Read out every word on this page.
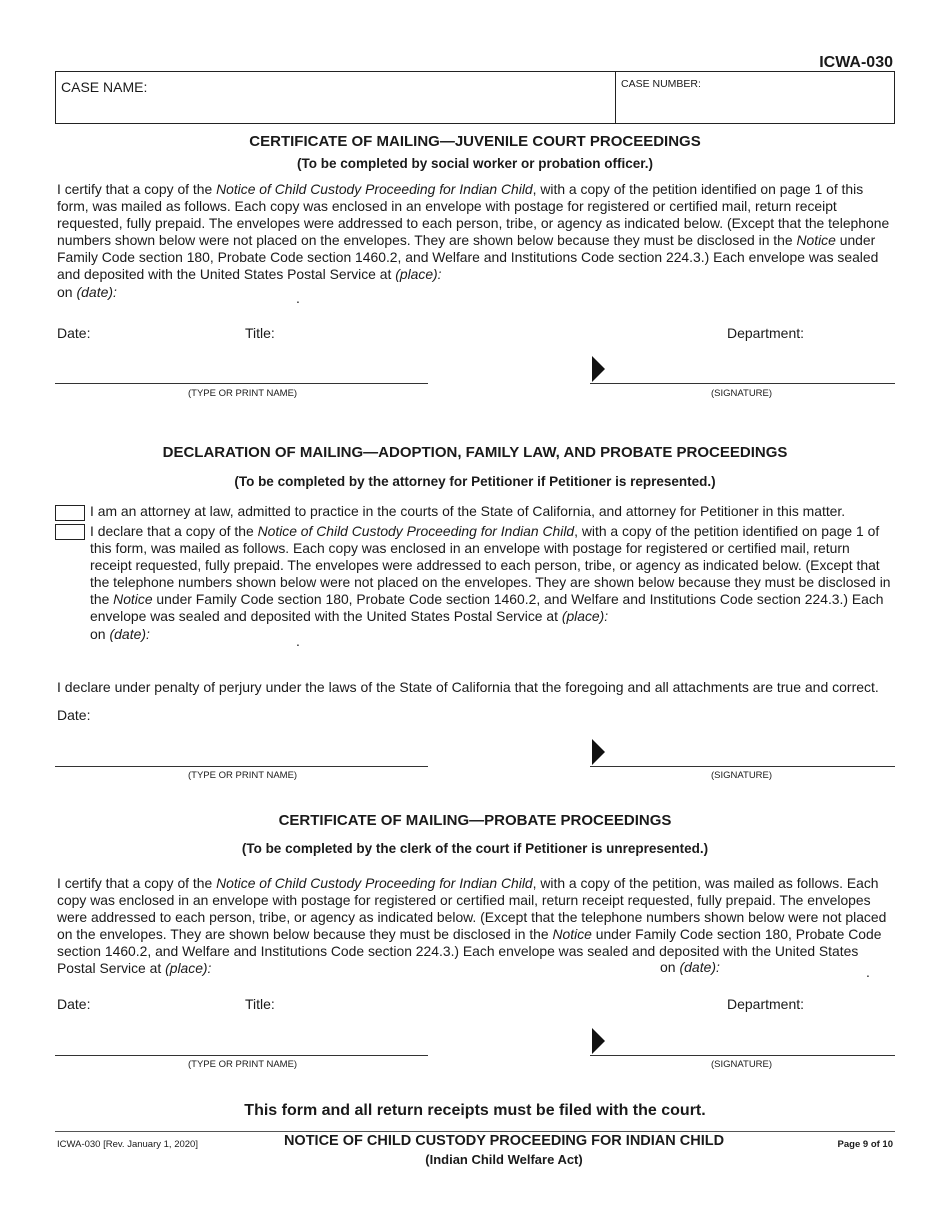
ICWA-030
CASE NAME:	CASE NUMBER:
CERTIFICATE OF MAILING—JUVENILE COURT PROCEEDINGS
(To be completed by social worker or probation officer.)
I certify that a copy of the Notice of Child Custody Proceeding for Indian Child, with a copy of the petition identified on page 1 of this form, was mailed as follows. Each copy was enclosed in an envelope with postage for registered or certified mail, return receipt requested, fully prepaid. The envelopes were addressed to each person, tribe, or agency as indicated below. (Except that the telephone numbers shown below were not placed on the envelopes. They are shown below because they must be disclosed in the Notice under Family Code section 180, Probate Code section 1460.2, and Welfare and Institutions Code section 224.3.) Each envelope was sealed and deposited with the United States Postal Service at (place):
on (date):	.
Date:	Title:	Department:
(TYPE OR PRINT NAME)	(SIGNATURE)
DECLARATION OF MAILING—ADOPTION, FAMILY LAW, AND PROBATE PROCEEDINGS
(To be completed by the attorney for Petitioner if Petitioner is represented.)
I am an attorney at law, admitted to practice in the courts of the State of California, and attorney for Petitioner in this matter.
I declare that a copy of the Notice of Child Custody Proceeding for Indian Child, with a copy of the petition identified on page 1 of this form, was mailed as follows. Each copy was enclosed in an envelope with postage for registered or certified mail, return receipt requested, fully prepaid. The envelopes were addressed to each person, tribe, or agency as indicated below. (Except that the telephone numbers shown below were not placed on the envelopes. They are shown below because they must be disclosed in the Notice under Family Code section 180, Probate Code section 1460.2, and Welfare and Institutions Code section 224.3.) Each envelope was sealed and deposited with the United States Postal Service at (place):
on (date):	.
I declare under penalty of perjury under the laws of the State of California that the foregoing and all attachments are true and correct.
Date:
(TYPE OR PRINT NAME)	(SIGNATURE)
CERTIFICATE OF MAILING—PROBATE PROCEEDINGS
(To be completed by the clerk of the court if Petitioner is unrepresented.)
I certify that a copy of the Notice of Child Custody Proceeding for Indian Child, with a copy of the petition, was mailed as follows. Each copy was enclosed in an envelope with postage for registered or certified mail, return receipt requested, fully prepaid. The envelopes were addressed to each person, tribe, or agency as indicated below. (Except that the telephone numbers shown below were not placed on the envelopes. They are shown below because they must be disclosed in the Notice under Family Code section 180, Probate Code section 1460.2, and Welfare and Institutions Code section 224.3.) Each envelope was sealed and deposited with the United States Postal Service at (place):	on (date):	.
Date:	Title:	Department:
(TYPE OR PRINT NAME)	(SIGNATURE)
This form and all return receipts must be filed with the court.
ICWA-030 [Rev. January 1, 2020]	NOTICE OF CHILD CUSTODY PROCEEDING FOR INDIAN CHILD
(Indian Child Welfare Act)
Page 9 of 10
